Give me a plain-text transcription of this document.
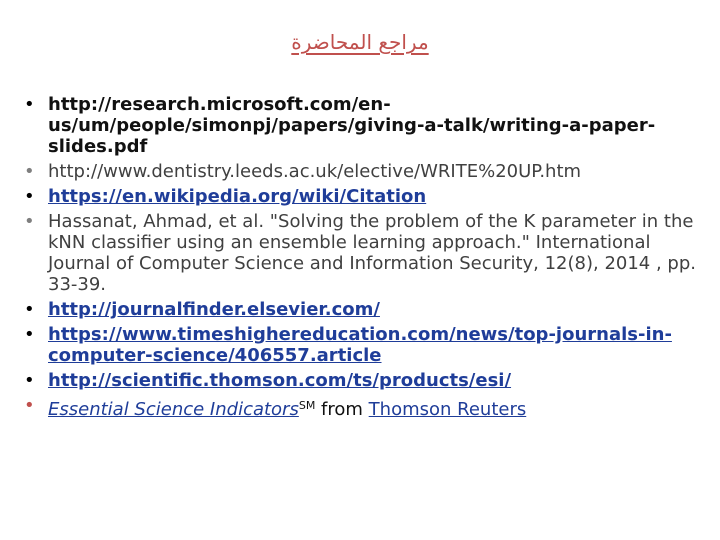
مراجع المحاضرة
• http://research.microsoft.com/en-us/um/people/simonpj/papers/giving-a-talk/writing-a-paper-slides.pdf
• http://www.dentistry.leeds.ac.uk/elective/WRITE%20UP.htm
• https://en.wikipedia.org/wiki/Citation
• Hassanat, Ahmad, et al. "Solving the problem of the K parameter in the kNN classifier using an ensemble learning approach." International Journal of Computer Science and Information Security, 12(8), 2014 , pp. 33-39.
• http://journalfinder.elsevier.com/
• https://www.timeshighereducation.com/news/top-journals-in-computer-science/406557.article
• http://scientific.thomson.com/ts/products/esi/
• Essential Science Indicators℠ from Thomson Reuters
